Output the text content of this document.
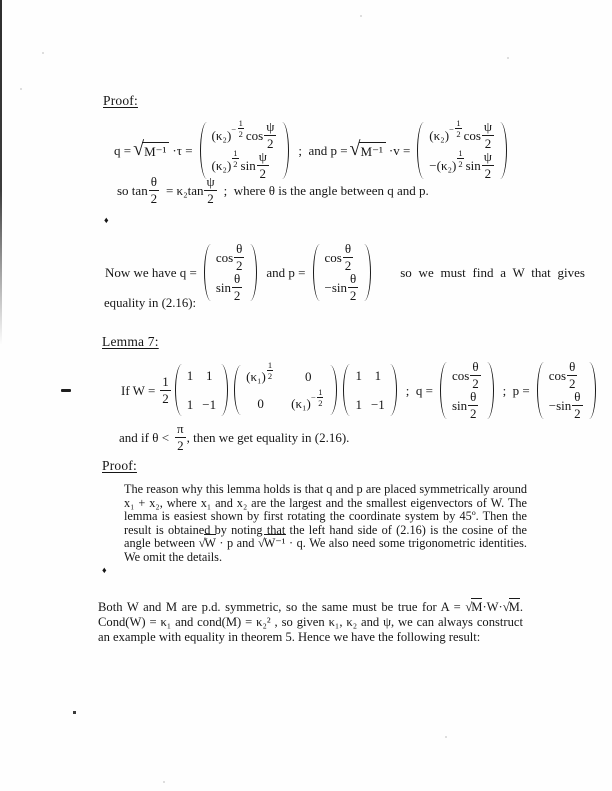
Proof:
q = √ M⁻¹ ·τ =
$(\kappa_2) - \frac{1}{2}$ $\cos \frac{\psi}{2}$
$(\kappa_2) \frac{1}{2}$ $\sin \frac{\psi}{2}$ ;  and p = √ M⁻¹ ·v =
$(\kappa_2) - \frac{1}{2}$ $\cos \frac{\psi}{2}$
− $(\kappa_2) \frac{1}{2}$ $\sin \frac{\psi}{2}$
so $\tan \frac{\theta}{2} = \kappa_2\tan \frac{\psi}{2}$ ;  where θ is the angle between q and p.
♦
Now we have q =
$\cos \frac{\theta}{2}$
$\sin \frac{\theta}{2}$ and p =
$\cos \frac{\theta}{2}$
− $\sin \frac{\theta}{2}$	so we must find a W that gives
equality in (2.16):
Lemma 7:
If $W = \frac{1}{2} 1$ 1
1 − 1
$(\kappa_1) \frac{1}{2} 0$
0 $(\kappa_1) - \frac{1}{2}$
1 1
1 − 1
;  q =
$\cos \frac{\theta}{2}$
$\sin \frac{\theta}{2}$ ;  p =
$\cos \frac{\theta}{2}$
− $\sin \frac{\theta}{2}$
and if $\theta < \frac{\pi}{2}$ , then we get equality in (2.16).
Proof:
The reason why this lemma holds is that q and p are placed symmetrically around x₁ + x₂, where x₁ and x₂ are the largest and the smallest eigenvectors of W. The lemma is easiest shown by first rotating the coordinate system by 45º. Then the result is obtained by noting that the left hand side of (2.16) is the cosine of the angle between √W · p and √W⁻¹ · q. We also need some trigonometric identities. We omit the details.
♦
Both W and M are p.d. symmetric, so the same must be true for A = √M·W·√M. Cond(W) = κ₁ and cond(M) = κ₂² , so given κ₁, κ₂ and ψ, we can always construct an example with equality in theorem 5. Hence we have the following result:
